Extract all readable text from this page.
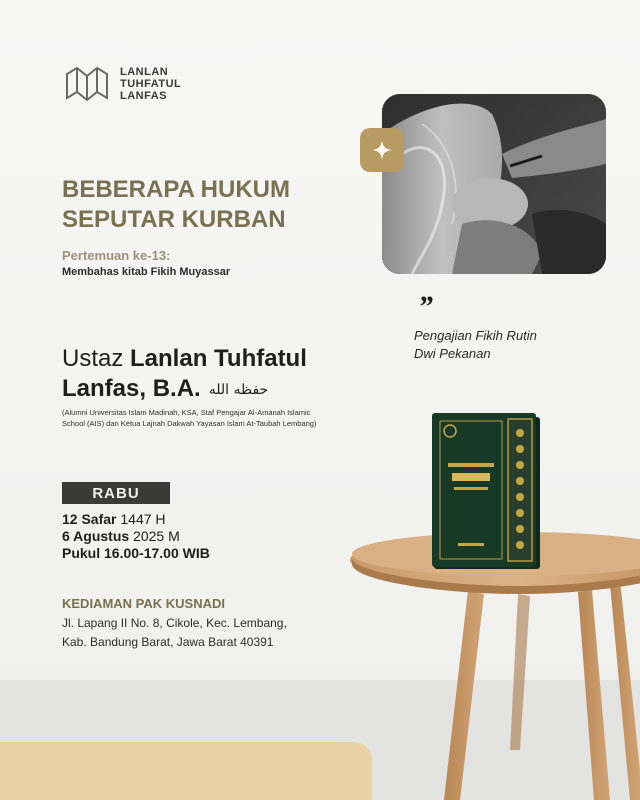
LANLAN
TUHFATUL
LANFAS
BEBERAPA HUKUM
SEPUTAR KURBAN
Pertemuan ke-13:
Membahas kitab Fikih Muyassar
”
Pengajian Fikih Rutin
Dwi Pekanan
Ustaz Lanlan Tuhfatul
Lanfas, B.A. حفظه الله
(Alumni Universitas Islam Madinah, KSA, Staf Pengajar Al-Amanah Islamic
School (AIS) dan Ketua Lajnah Dakwah Yayasan Islam At-Taubah Lembang)
RABU
12 Safar 1447 H
6 Agustus 2025 M
Pukul 16.00-17.00 WIB
KEDIAMAN PAK KUSNADI
Jl. Lapang II No. 8, Cikole, Kec. Lembang,
Kab. Bandung Barat, Jawa Barat 40391
